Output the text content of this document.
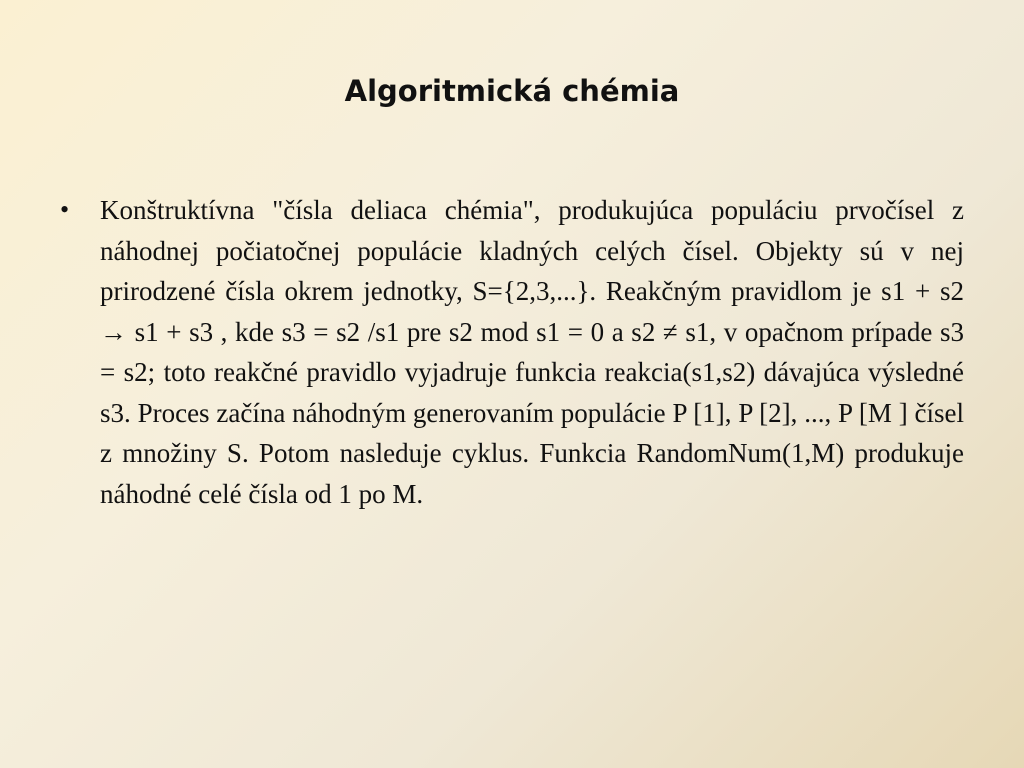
Algoritmická chémia
•	Konštruktívna "čísla deliaca chémia", produkujúca populáciu prvočísel z náhodnej počiatočnej populácie kladných celých čísel. Objekty sú v nej prirodzené čísla okrem jednotky, S={2,3,...}. Reakčným pravidlom je s1 + s2 → s1 + s3 , kde s3 = s2 /s1 pre s2 mod s1 = 0 a s2 ≠ s1, v opačnom prípade s3 = s2; toto reakčné pravidlo vyjadruje funkcia reakcia(s1,s2) dávajúca výsledné s3. Proces začína náhodným generovaním populácie P [1], P [2], ..., P [M ] čísel z množiny S. Potom nasleduje cyklus. Funkcia RandomNum(1,M) produkuje náhodné celé čísla od 1 po M.
